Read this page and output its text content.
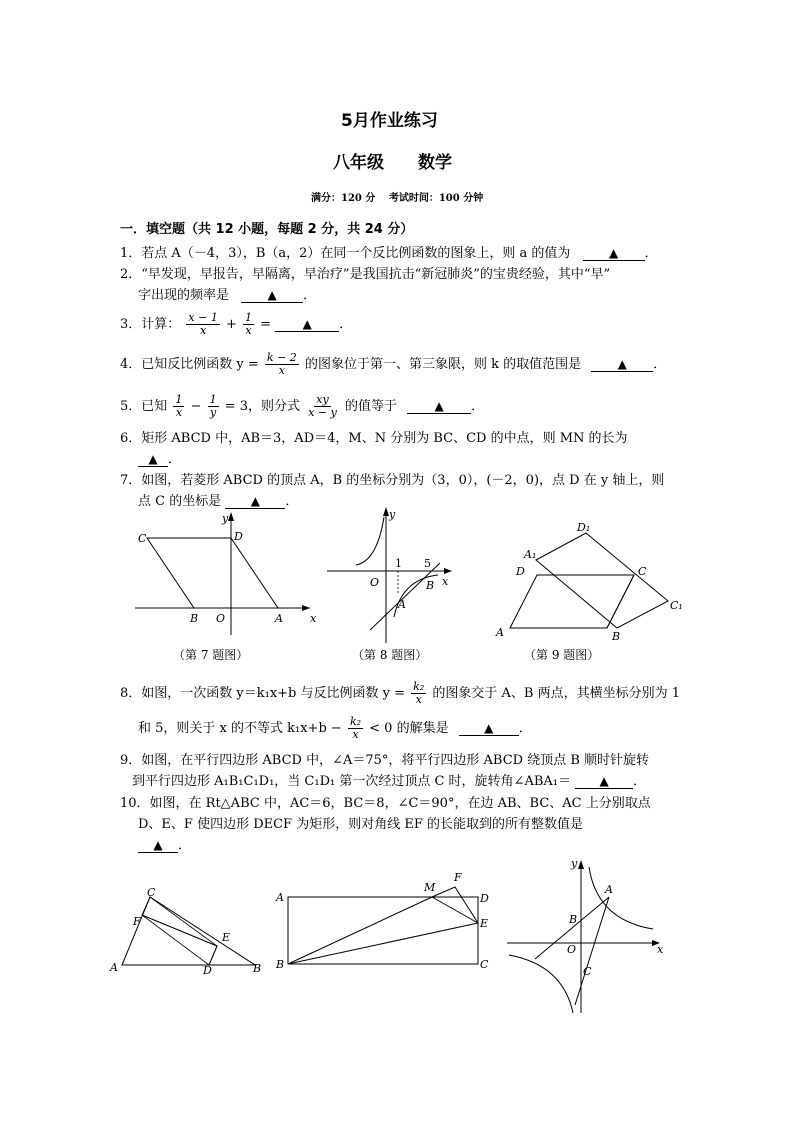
5月作业练习
八年级　　数学
满分：120 分　 考试时间：100 分钟
一．填空题（共 12 小题，每题 2 分，共 24 分）
1．若点 A（－4，3），B（a，2）在同一个反比例函数的图象上，则 a 的值为	▲ ．
2．“早发现，早报告，早隔离，早治疗”是我国抗击“新冠肺炎”的宝贵经验，其中“早”
字出现的频率是	▲ ．
3．计算： $\frac{x - 1}{x} + \frac{1}{x}$ =	▲ ．
4．已知反比例函数 $y = \frac{k - 2}{x}$ 的图象位于第一、第三象限，则 k 的取值范围是	▲ ．
5．已知 $\frac{1}{x} - \frac{1}{y} = 3$，则分式 $\frac{xy}{x - y}$ 的值等于	▲ ．
6．矩形 ABCD 中，AB＝3，AD＝4，M、N 分别为 BC、CD 的中点，则 MN 的长为
▲ ．
7．如图，若菱形 ABCD 的顶点 A，B 的坐标分别为（3，0），(－2，0)，点 D 在 y 轴上，则
点 C 的坐标是 ▲ ．
C	D
y
B O	A x
y
O
1 5
A
B x
D₁
A₁
D	C
C₁
A	B
（第 7 题图）	（第 8 题图）	（第 9 题图）
8．如图，一次函数 y＝k₁x+b 与反比例函数 $y = \frac{\text{k₂}}{x}$ 的图象交于 A、B 两点，其横坐标分别为 1
和 5，则关于 x 的不等式 $k_1x+b - \frac{\text{k₂}}{x} < 0$ 的解集是	▲ ．
9．如图，在平行四边形 ABCD 中，∠A＝75°，将平行四边形 ABCD 绕顶点 B 顺时针旋转
到平行四边形 A₁B₁C₁D₁，当 C₁D₁ 第一次经过顶点 C 时，旋转角∠ABA₁＝ ▲ ．
10．如图，在 Rt△ABC 中，AC＝6，BC＝8，∠C＝90°，在边 AB、BC、AC 上分别取点
D、E、F 使四边形 DECF 为矩形，则对角线 EF 的长能取到的所有整数值是
▲ ．
C
F
E
A	D	B
A
M
F
D
E
B	C
y
B
A
O
C
x
